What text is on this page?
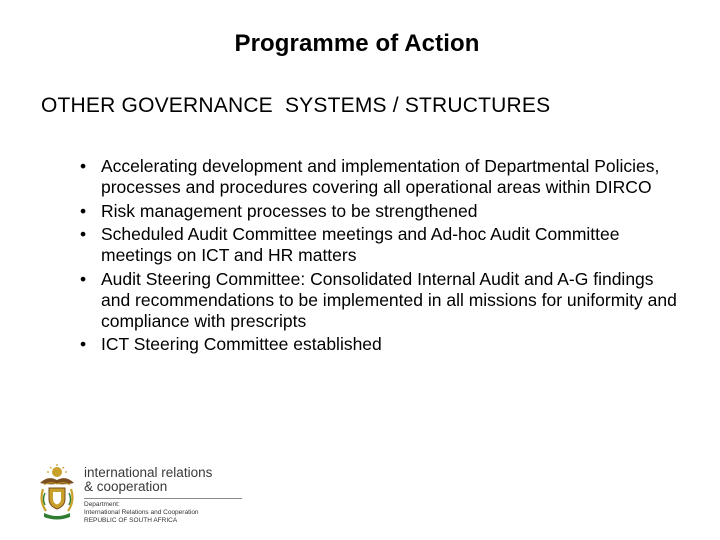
Programme of Action
OTHER GOVERNANCE  SYSTEMS / STRUCTURES
• Accelerating development and implementation of Departmental Policies, processes and procedures covering all operational areas within DIRCO
• Risk management processes to be strengthened
• Scheduled Audit Committee meetings and Ad-hoc Audit Committee meetings on ICT and HR matters
• Audit Steering Committee: Consolidated Internal Audit and A-G findings and recommendations to be implemented in all missions for uniformity and compliance with prescripts
• ICT Steering Committee established

international relations

& cooperation

Department:

International Relations and Cooperation

REPUBLIC OF SOUTH AFRICA
